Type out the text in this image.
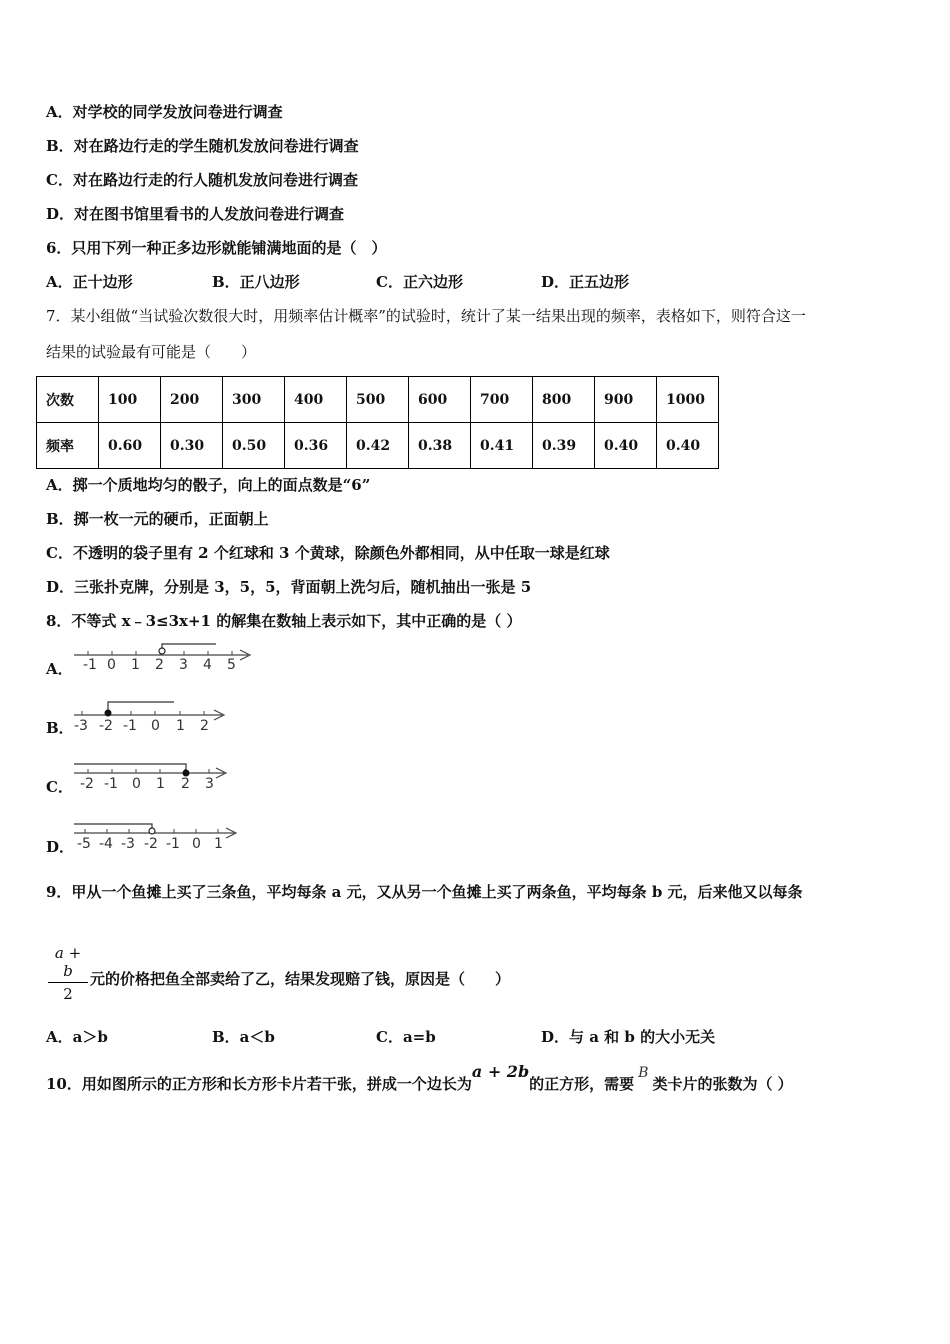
A．对学校的同学发放问卷进行调查
B．对在路边行走的学生随机发放问卷进行调查
C．对在路边行走的行人随机发放问卷进行调查
D．对在图书馆里看书的人发放问卷进行调查
6．只用下列一种正多边形就能铺满地面的是（　）
A．正十边形	B．正八边形	C．正六边形	D．正五边形
7．某小组做“当试验次数很大时，用频率估计概率”的试验时，统计了某一结果出现的频率，表格如下，则符合这一
结果的试验最有可能是（　　）
次数	100	200	300	400	500	600	700	800	900	1000
频率	0.60	0.30	0.50	0.36	0.42	0.38	0.41	0.39	0.40	0.40
A．掷一个质地均匀的骰子，向上的面点数是“6”
B．掷一枚一元的硬币，正面朝上
C．不透明的袋子里有 2 个红球和 3 个黄球，除颜色外都相同，从中任取一球是红球
D．三张扑克牌，分别是 3，5，5，背面朝上洗匀后，随机抽出一张是 5
8．不等式 x﹣3≤3x+1 的解集在数轴上表示如下，其中正确的是（ ）
A． -1 0 1 2 3 4 5
B． -3 -2 -1 0 1 2
C． -2 -1 0 1 2 3
D． -5 -4 -3 -2 -1 0 1
9．甲从一个鱼摊上买了三条鱼，平均每条 a 元，又从另一个鱼摊上买了两条鱼，平均每条 b 元，后来他又以每条
$\frac{a + b}{2}$ 元的价格把鱼全部卖给了乙，结果发现赔了钱，原因是（　　）
A．a＞b	B．a＜b	C．a=b	D．与 a 和 b 的大小无关
10．用如图所示的正方形和长方形卡片若干张，拼成一个边长为a + 2b的正方形，需要B类卡片的张数为（ ）
